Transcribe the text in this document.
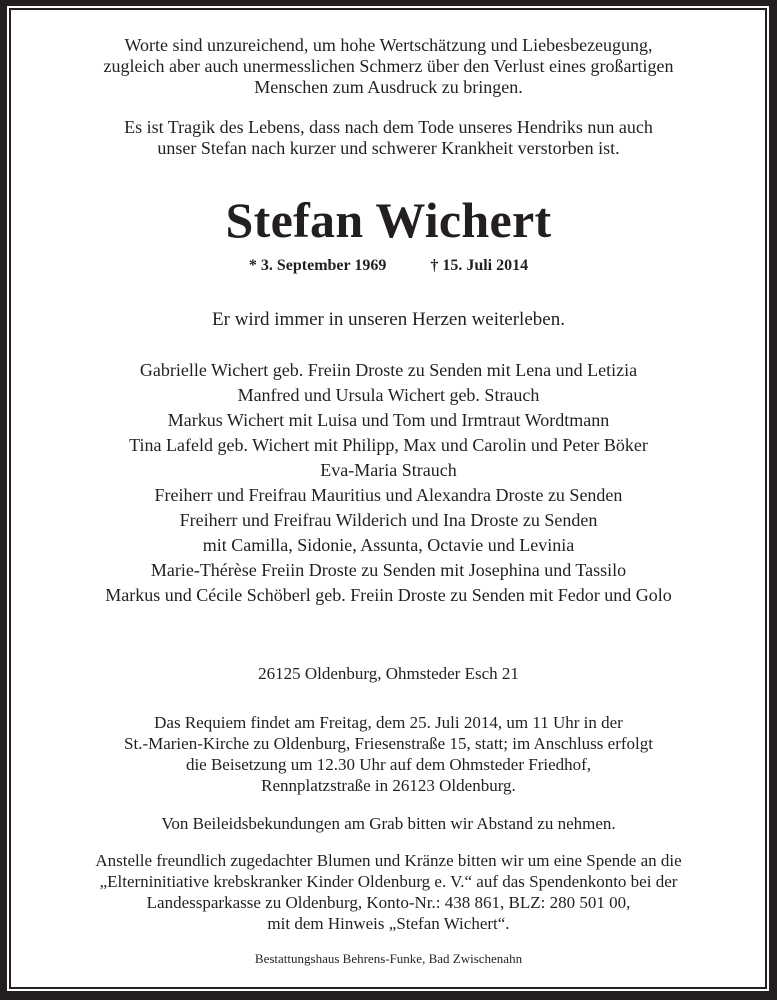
Worte sind unzureichend, um hohe Wertschätzung und Liebesbezeugung,
zugleich aber auch unermesslichen Schmerz über den Verlust eines großartigen
Menschen zum Ausdruck zu bringen.
Es ist Tragik des Lebens, dass nach dem Tode unseres Hendriks nun auch
unser Stefan nach kurzer und schwerer Krankheit verstorben ist.
Stefan Wichert
* 3. September 1969	† 15. Juli 2014
Er wird immer in unseren Herzen weiterleben.
Gabrielle Wichert geb. Freiin Droste zu Senden mit Lena und Letizia
Manfred und Ursula Wichert geb. Strauch
Markus Wichert mit Luisa und Tom und Irmtraut Wordtmann
Tina Lafeld geb. Wichert mit Philipp, Max und Carolin und Peter Böker
Eva-Maria Strauch
Freiherr und Freifrau Mauritius und Alexandra Droste zu Senden
Freiherr und Freifrau Wilderich und Ina Droste zu Senden
mit Camilla, Sidonie, Assunta, Octavie und Levinia
Marie-Thérèse Freiin Droste zu Senden mit Josephina und Tassilo
Markus und Cécile Schöberl geb. Freiin Droste zu Senden mit Fedor und Golo
26125 Oldenburg, Ohmsteder Esch 21
Das Requiem findet am Freitag, dem 25. Juli 2014, um 11 Uhr in der
St.-Marien-Kirche zu Oldenburg, Friesenstraße 15, statt; im Anschluss erfolgt
die Beisetzung um 12.30 Uhr auf dem Ohmsteder Friedhof,
Rennplatzstraße in 26123 Oldenburg.
Von Beileidsbekundungen am Grab bitten wir Abstand zu nehmen.
Anstelle freundlich zugedachter Blumen und Kränze bitten wir um eine Spende an die
„Elterninitiative krebskranker Kinder Oldenburg e. V.“ auf das Spendenkonto bei der
Landessparkasse zu Oldenburg, Konto-Nr.: 438 861, BLZ: 280 501 00,
mit dem Hinweis „Stefan Wichert“.
Bestattungshaus Behrens-Funke, Bad Zwischenahn
